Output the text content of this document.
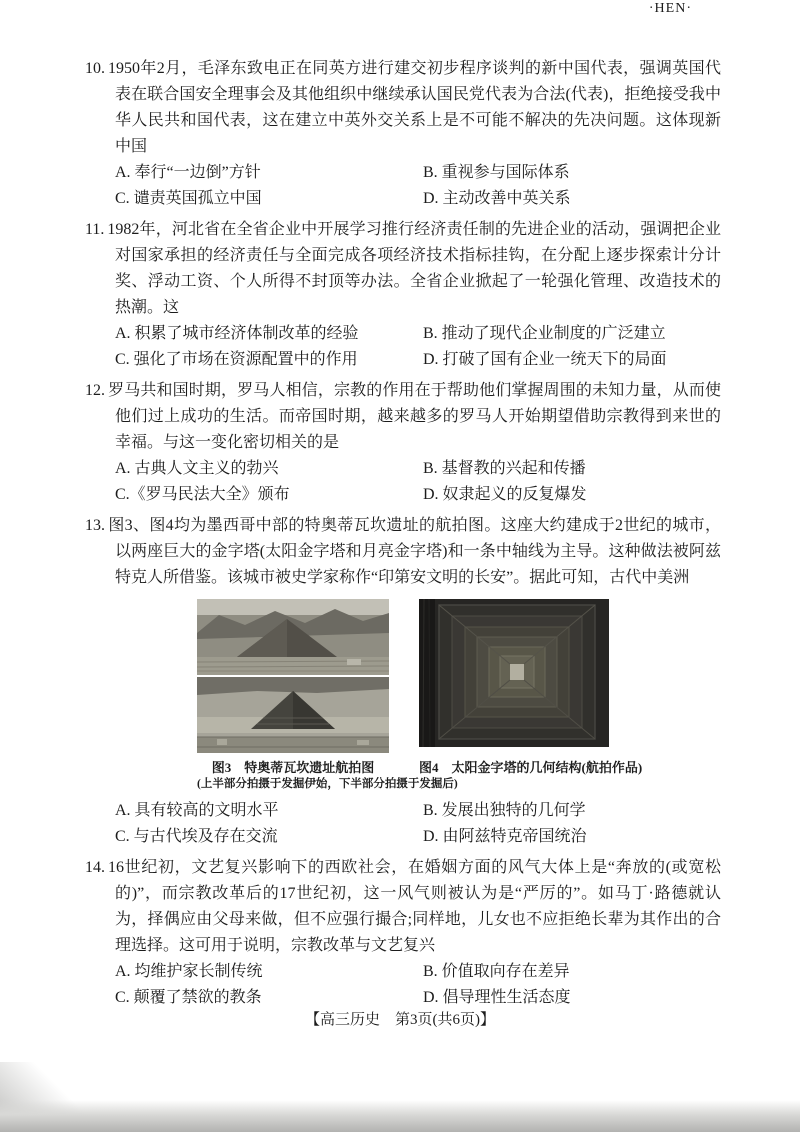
10. 1950年2月，毛泽东致电正在同英方进行建交初步程序谈判的新中国代表，强调英国代表在联合国安全理事会及其他组织中继续承认国民党代表为合法(代表)，拒绝接受我中华人民共和国代表，这在建立中英外交关系上是不可能不解决的先决问题。这体现新中国

A. 奉行“一边倒”方针	B. 重视参与国际体系
C. 谴责英国孤立中国	D. 主动改善中英关系

11. 1982年，河北省在全省企业中开展学习推行经济责任制的先进企业的活动，强调把企业对国家承担的经济责任与全面完成各项经济技术指标挂钩，在分配上逐步探索计分计奖、浮动工资、个人所得不封顶等办法。全省企业掀起了一轮强化管理、改造技术的热潮。这

A. 积累了城市经济体制改革的经验	B. 推动了现代企业制度的广泛建立
C. 强化了市场在资源配置中的作用	D. 打破了国有企业一统天下的局面

12. 罗马共和国时期，罗马人相信，宗教的作用在于帮助他们掌握周围的未知力量，从而使他们过上成功的生活。而帝国时期，越来越多的罗马人开始期望借助宗教得到来世的幸福。与这一变化密切相关的是

A. 古典人文主义的勃兴	B. 基督教的兴起和传播
C.《罗马民法大全》颁布	D. 奴隶起义的反复爆发

13. 图3、图4均为墨西哥中部的特奥蒂瓦坎遗址的航拍图。这座大约建成于2世纪的城市，以两座巨大的金字塔(太阳金字塔和月亮金字塔)和一条中轴线为主导。这种做法被阿兹特克人所借鉴。该城市被史学家称作“印第安文明的长安”。据此可知，古代中美洲

图3　特奥蒂瓦坎遗址航拍图
(上半部分拍摄于发掘伊始，下半部分拍摄于发掘后)
图4　太阳金字塔的几何结构(航拍作品)
A. 具有较高的文明水平	B. 发展出独特的几何学
C. 与古代埃及存在交流	D. 由阿兹特克帝国统治

14. 16世纪初，文艺复兴影响下的西欧社会，在婚姻方面的风气大体上是“奔放的(或宽松的)”，而宗教改革后的17世纪初，这一风气则被认为是“严厉的”。如马丁·路德就认为，择偶应由父母来做，但不应强行撮合;同样地，儿女也不应拒绝长辈为其作出的合理选择。这可用于说明，宗教改革与文艺复兴

A. 均维护家长制传统	B. 价值取向存在差异
C. 颠覆了禁欲的教条	D. 倡导理性生活态度
【高三历史　第3页(共6页)】
·HEN·
